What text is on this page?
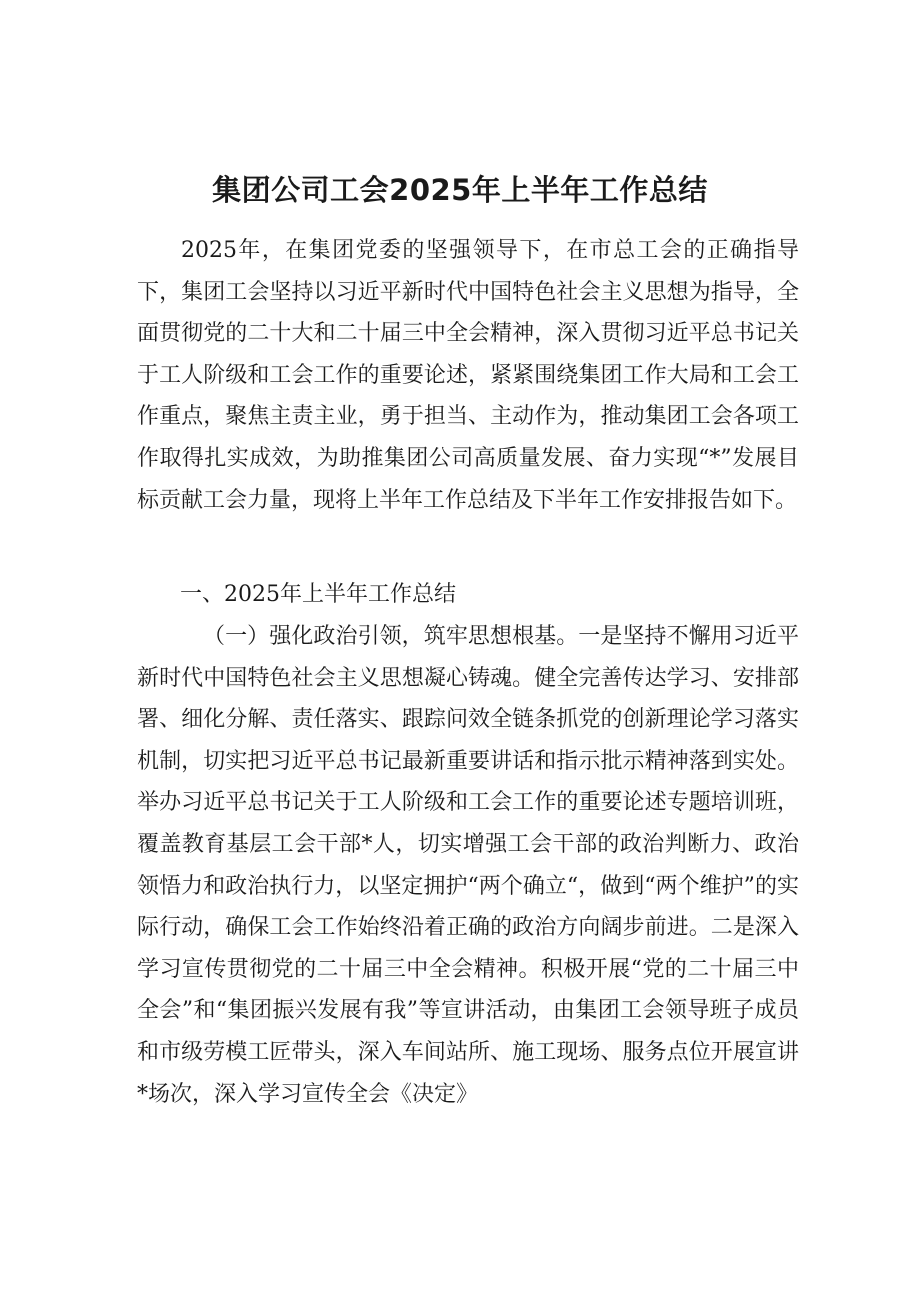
集团公司工会2025年上半年工作总结

2025年，在集团党委的坚强领导下，在市总工会的正确指导下，集团工会坚持以习近平新时代中国特色社会主义思想为指导，全面贯彻党的二十大和二十届三中全会精神，深入贯彻习近平总书记关于工人阶级和工会工作的重要论述，紧紧围绕集团工作大局和工会工作重点，聚焦主责主业，勇于担当、主动作为，推动集团工会各项工作取得扎实成效，为助推集团公司高质量发展、奋力实现“*”发展目标贡献工会力量，现将上半年工作总结及下半年工作安排报告如下。

一、2025年上半年工作总结

（一）强化政治引领，筑牢思想根基。一是坚持不懈用习近平新时代中国特色社会主义思想凝心铸魂。健全完善传达学习、安排部署、细化分解、责任落实、跟踪问效全链条抓党的创新理论学习落实机制，切实把习近平总书记最新重要讲话和指示批示精神落到实处。举办习近平总书记关于工人阶级和工会工作的重要论述专题培训班，覆盖教育基层工会干部*人，切实增强工会干部的政治判断力、政治领悟力和政治执行力，以坚定拥护“两个确立“，做到“两个维护”的实际行动，确保工会工作始终沿着正确的政治方向阔步前进。二是深入学习宣传贯彻党的二十届三中全会精神。积极开展“党的二十届三中全会”和“集团振兴发展有我”等宣讲活动，由集团工会领导班子成员和市级劳模工匠带头，深入车间站所、施工现场、服务点位开展宣讲*场次，深入学习宣传全会《决定》
